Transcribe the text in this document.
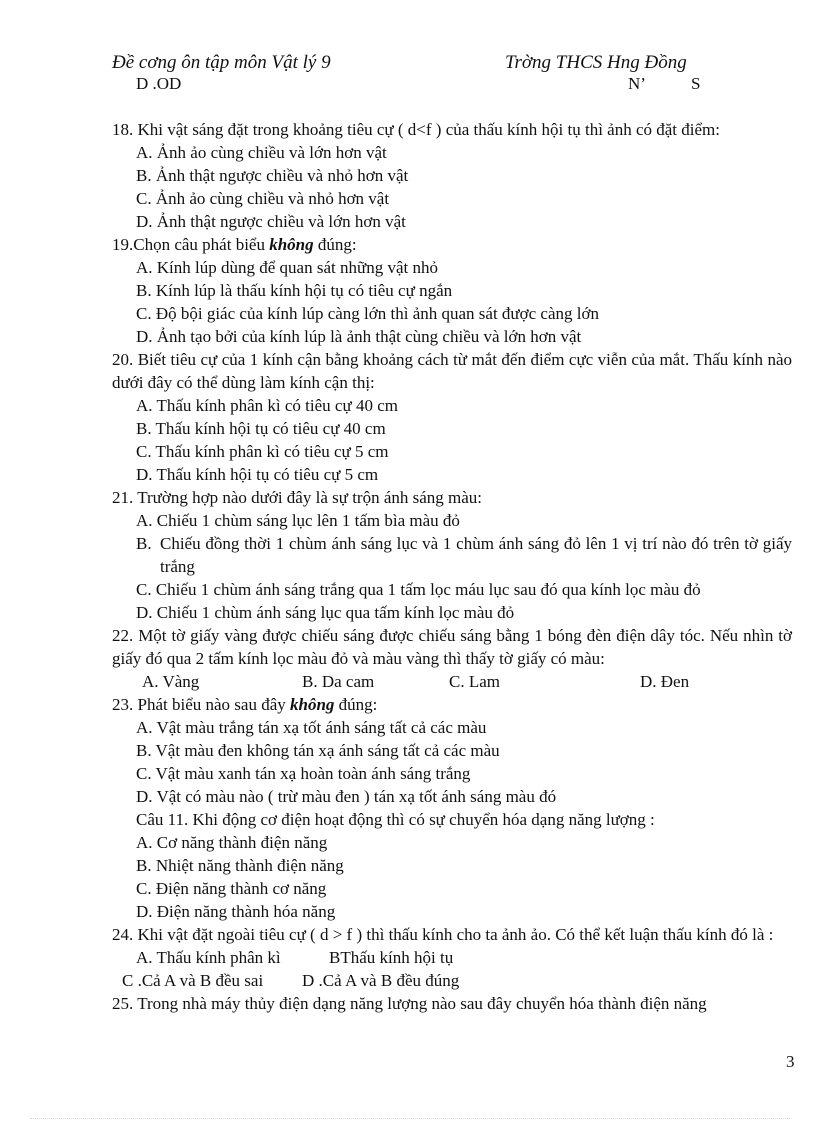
Đề cơng ôn tập môn Vật lý 9	Trờng THCS Hng Đồng
D .OD	N’	S
18. Khi vật sáng đặt trong khoảng tiêu cự ( d<f ) của thấu kính hội tụ thì ảnh có đặt điểm:
A. Ảnh ảo cùng chiều và lớn hơn vật
B. Ảnh thật ngược chiều và nhỏ hơn vật
C. Ảnh ảo cùng chiều và nhỏ hơn vật
D. Ảnh thật ngược chiều và lớn hơn vật
19.Chọn câu phát biểu không đúng:
A. Kính lúp dùng để quan sát những vật nhỏ
B. Kính lúp là thấu kính hội tụ có tiêu cự ngắn
C. Độ bội giác của kính lúp càng lớn thì ảnh quan sát được càng lớn
D. Ảnh tạo bởi của kính lúp là ảnh thật cùng chiều và lớn hơn vật
20. Biết tiêu cự của 1 kính cận bằng khoảng cách từ mắt đến điểm cực viễn của mắt. Thấu kính nào dưới đây có thể dùng làm kính cận thị:
A. Thấu kính phân kì có tiêu cự 40 cm
B. Thấu kính hội tụ có tiêu cự 40 cm
C. Thấu kính phân kì có tiêu cự 5 cm
D. Thấu kính hội tụ có tiêu cự 5 cm
21. Trường hợp nào dưới đây là sự trộn ánh sáng màu:
A. Chiếu 1 chùm sáng lục lên 1 tấm bìa màu đỏ
B. Chiếu đồng thời 1 chùm ánh sáng lục và 1 chùm ánh sáng đỏ lên 1 vị trí nào đó trên tờ giấy trắng
C. Chiếu 1 chùm ánh sáng trắng qua 1 tấm lọc máu lục sau đó qua kính lọc màu đỏ
D. Chiếu 1 chùm ánh sáng lục qua tấm kính lọc màu đỏ
22. Một tờ giấy vàng được chiếu sáng được chiếu sáng bằng 1 bóng đèn điện dây tóc. Nếu nhìn tờ giấy đó qua 2 tấm kính lọc màu đỏ và màu vàng thì thấy tờ giấy có màu:
A. Vàng	B. Da cam	C. Lam	D. Đen
23. Phát biểu nào sau đây không đúng:
A. Vật màu trắng tán xạ tốt ánh sáng tất cả các màu
B. Vật màu đen không tán xạ ánh sáng tất cả các màu
C. Vật màu xanh tán xạ hoàn toàn ánh sáng trắng
D. Vật có màu nào ( trừ màu đen ) tán xạ tốt ánh sáng màu đó
Câu 11. Khi động cơ điện hoạt động thì có sự chuyển hóa dạng năng lượng :
A. Cơ năng thành điện năng
B. Nhiệt năng thành điện năng
C. Điện năng thành cơ năng
D. Điện năng thành hóa năng
24. Khi vật đặt ngoài tiêu cự ( d > f ) thì thấu kính cho ta ảnh ảo. Có thể kết luận thấu kính đó là :
A. Thấu kính phân kì	BThấu kính hội tụ
C .Cả A và B đều sai D .Cả A và B đều đúng
25. Trong nhà máy thủy điện dạng năng lượng nào sau đây chuyển hóa thành điện năng
3
